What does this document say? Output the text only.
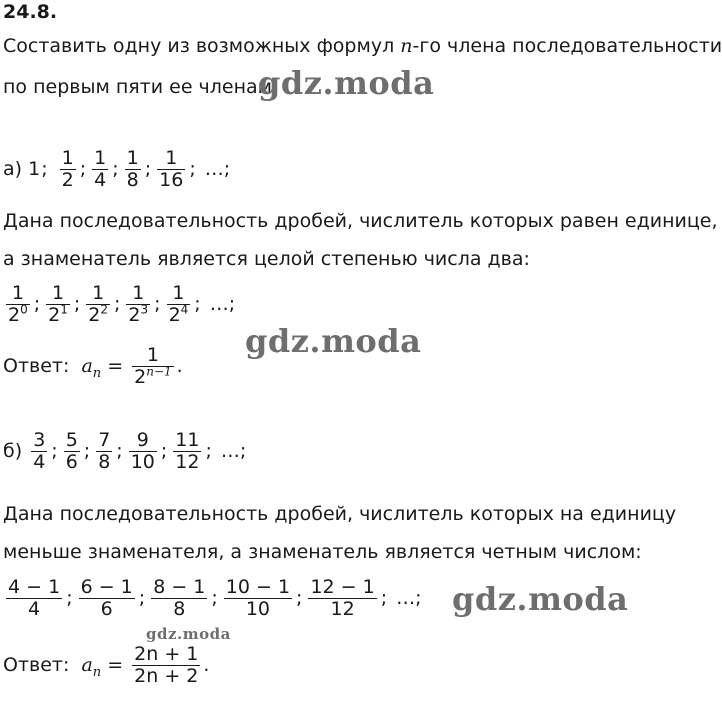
24.8.
Составить одну из возможных формул n-го члена последовательности
по первым пяти ее членам:
а) 1; $\frac{1}{2}$ ; $\frac{1}{4}$ ; $\frac{1}{8}$ ; $\frac{1}{16}$ ; …;
Дана последовательность дробей, числитель которых равен единице,
а знаменатель является целой степенью числа два:
$\frac{1}{2^0}$ ; $\frac{1}{2^1}$ ; $\frac{1}{2^2}$ ; $\frac{1}{2^3}$ ; $\frac{1}{2^4}$ ; …;
Ответ: $a_n = \frac{1}{2^{n-1}}$ .
$б) \frac{3}{4}$ ; $\frac{5}{6}$ ; $\frac{7}{8}$ ; $\frac{9}{10}$ ; $\frac{11}{12}$ ; …;
Дана последовательность дробей, числитель которых на единицу
меньше знаменателя, а знаменатель является четным числом:
$\frac{4 - 1}{4}$ ; $\frac{6 - 1}{6}$ ; $\frac{8 - 1}{8}$ ; $\frac{10 - 1}{10}$ ; $\frac{12 - 1}{12}$ ; …;
Ответ: $a_n = \frac{2n + 1}{2n + 2}$ .
gdz.moda
gdz.moda
gdz.moda
gdz.moda
